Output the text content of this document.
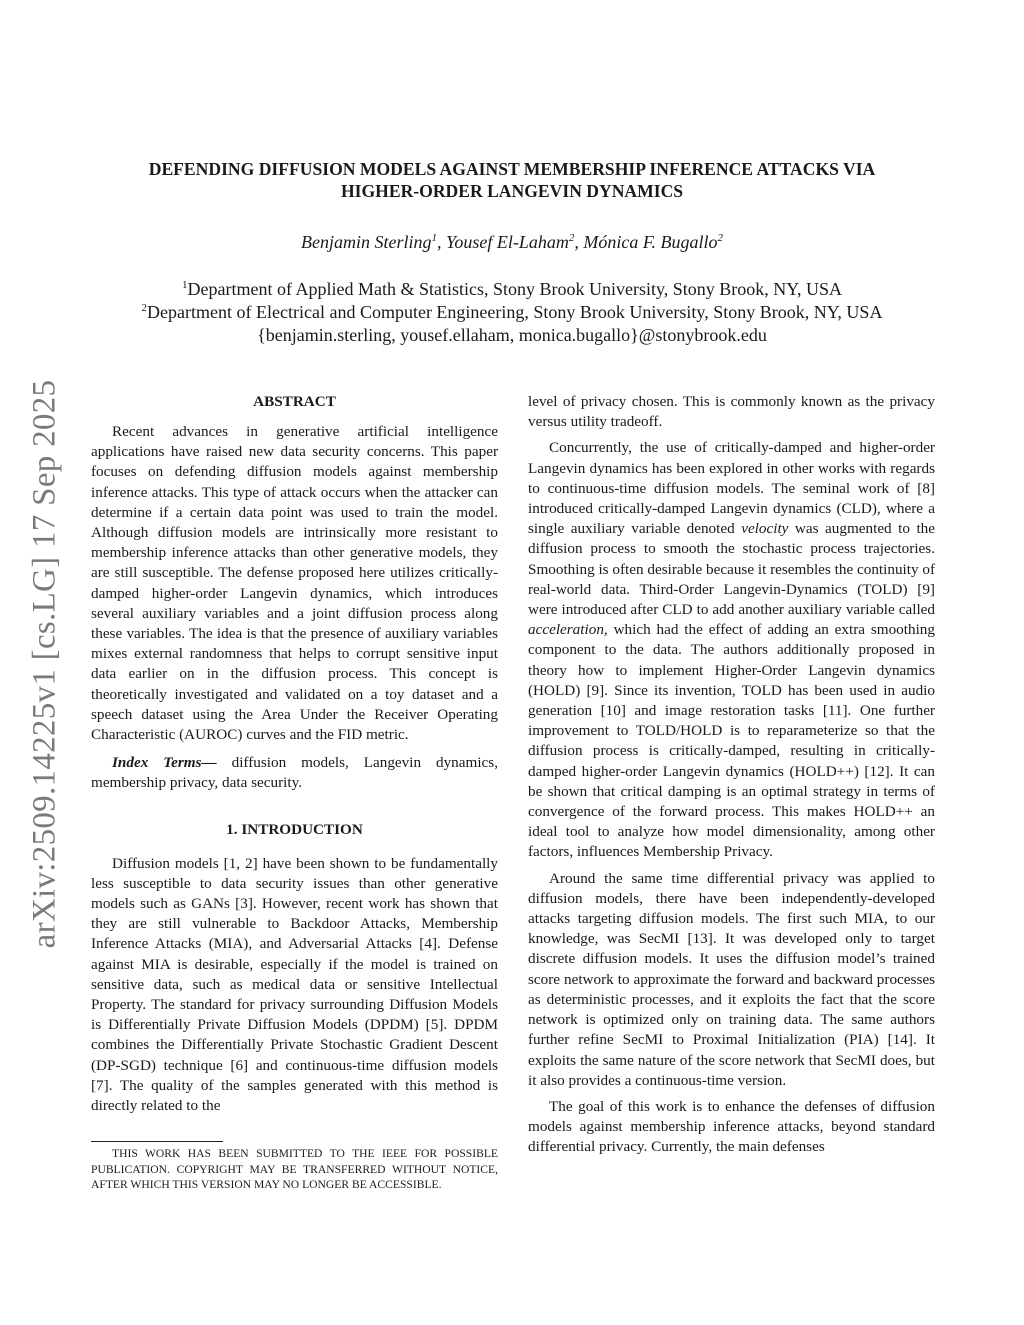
DEFENDING DIFFUSION MODELS AGAINST MEMBERSHIP INFERENCE ATTACKS VIA
HIGHER-ORDER LANGEVIN DYNAMICS
Benjamin Sterling$^1$, Yousef El-Laham$^2$, Mónica F. Bugallo$^2$
$^1$Department of Applied Math & Statistics, Stony Brook University, Stony Brook, NY, USA
$^2$Department of Electrical and Computer Engineering, Stony Brook University, Stony Brook, NY, USA
{benjamin.sterling, yousef.ellaham, monica.bugallo}@stonybrook.edu
arXiv:2509.14225v1 [cs.LG] 17 Sep 2025	ABSTRACT

Recent advances in generative artificial intelligence applications have raised new data security concerns. This paper focuses on defending diffusion models against membership inference attacks. This type of attack occurs when the attacker can determine if a certain data point was used to train the model. Although diffusion models are intrinsically more resistant to membership inference attacks than other generative models, they are still susceptible. The defense proposed here utilizes critically-damped higher-order Langevin dynamics, which introduces several auxiliary variables and a joint diffusion process along these variables. The idea is that the presence of auxiliary variables mixes external randomness that helps to corrupt sensitive input data earlier on in the diffusion process. This concept is theoretically investigated and validated on a toy dataset and a speech dataset using the Area Under the Receiver Operating Characteristic (AUROC) curves and the FID metric.

Index Terms— diffusion models, Langevin dynamics, membership privacy, data security.

1. INTRODUCTION

Diffusion models [1, 2] have been shown to be fundamentally less susceptible to data security issues than other generative models such as GANs [3]. However, recent work has shown that they are still vulnerable to Backdoor Attacks, Membership Inference Attacks (MIA), and Adversarial Attacks [4]. Defense against MIA is desirable, especially if the model is trained on sensitive data, such as medical data or sensitive Intellectual Property. The standard for privacy surrounding Diffusion Models is Differentially Private Diffusion Models (DPDM) [5]. DPDM combines the Differentially Private Stochastic Gradient Descent (DP-SGD) technique [6] and continuous-time diffusion models [7]. The quality of the samples generated with this method is directly related to the

THIS WORK HAS BEEN SUBMITTED TO THE IEEE FOR POSSIBLE PUBLICATION. COPYRIGHT MAY BE TRANSFERRED WITHOUT NOTICE, AFTER WHICH THIS VERSION MAY NO LONGER BE ACCESSIBLE.

level of privacy chosen. This is commonly known as the privacy versus utility tradeoff.

Concurrently, the use of critically-damped and higher-order Langevin dynamics has been explored in other works with regards to continuous-time diffusion models. The seminal work of [8] introduced critically-damped Langevin dynamics (CLD), where a single auxiliary variable denoted velocity was augmented to the diffusion process to smooth the stochastic process trajectories. Smoothing is often desirable because it resembles the continuity of real-world data. Third-Order Langevin-Dynamics (TOLD) [9] were introduced after CLD to add another auxiliary variable called acceleration, which had the effect of adding an extra smoothing component to the data. The authors additionally proposed in theory how to implement Higher-Order Langevin dynamics (HOLD) [9]. Since its invention, TOLD has been used in audio generation [10] and image restoration tasks [11]. One further improvement to TOLD/HOLD is to reparameterize so that the diffusion process is critically-damped, resulting in critically-damped higher-order Langevin dynamics (HOLD++) [12]. It can be shown that critical damping is an optimal strategy in terms of convergence of the forward process. This makes HOLD++ an ideal tool to analyze how model dimensionality, among other factors, influences Membership Privacy.

Around the same time differential privacy was applied to diffusion models, there have been independently-developed attacks targeting diffusion models. The first such MIA, to our knowledge, was SecMI [13]. It was developed only to target discrete diffusion models. It uses the diffusion model’s trained score network to approximate the forward and backward processes as deterministic processes, and it exploits the fact that the score network is optimized only on training data. The same authors further refine SecMI to Proximal Initialization (PIA) [14]. It exploits the same nature of the score network that SecMI does, but it also provides a continuous-time version.

The goal of this work is to enhance the defenses of diffusion models against membership inference attacks, beyond standard differential privacy. Currently, the main defenses
